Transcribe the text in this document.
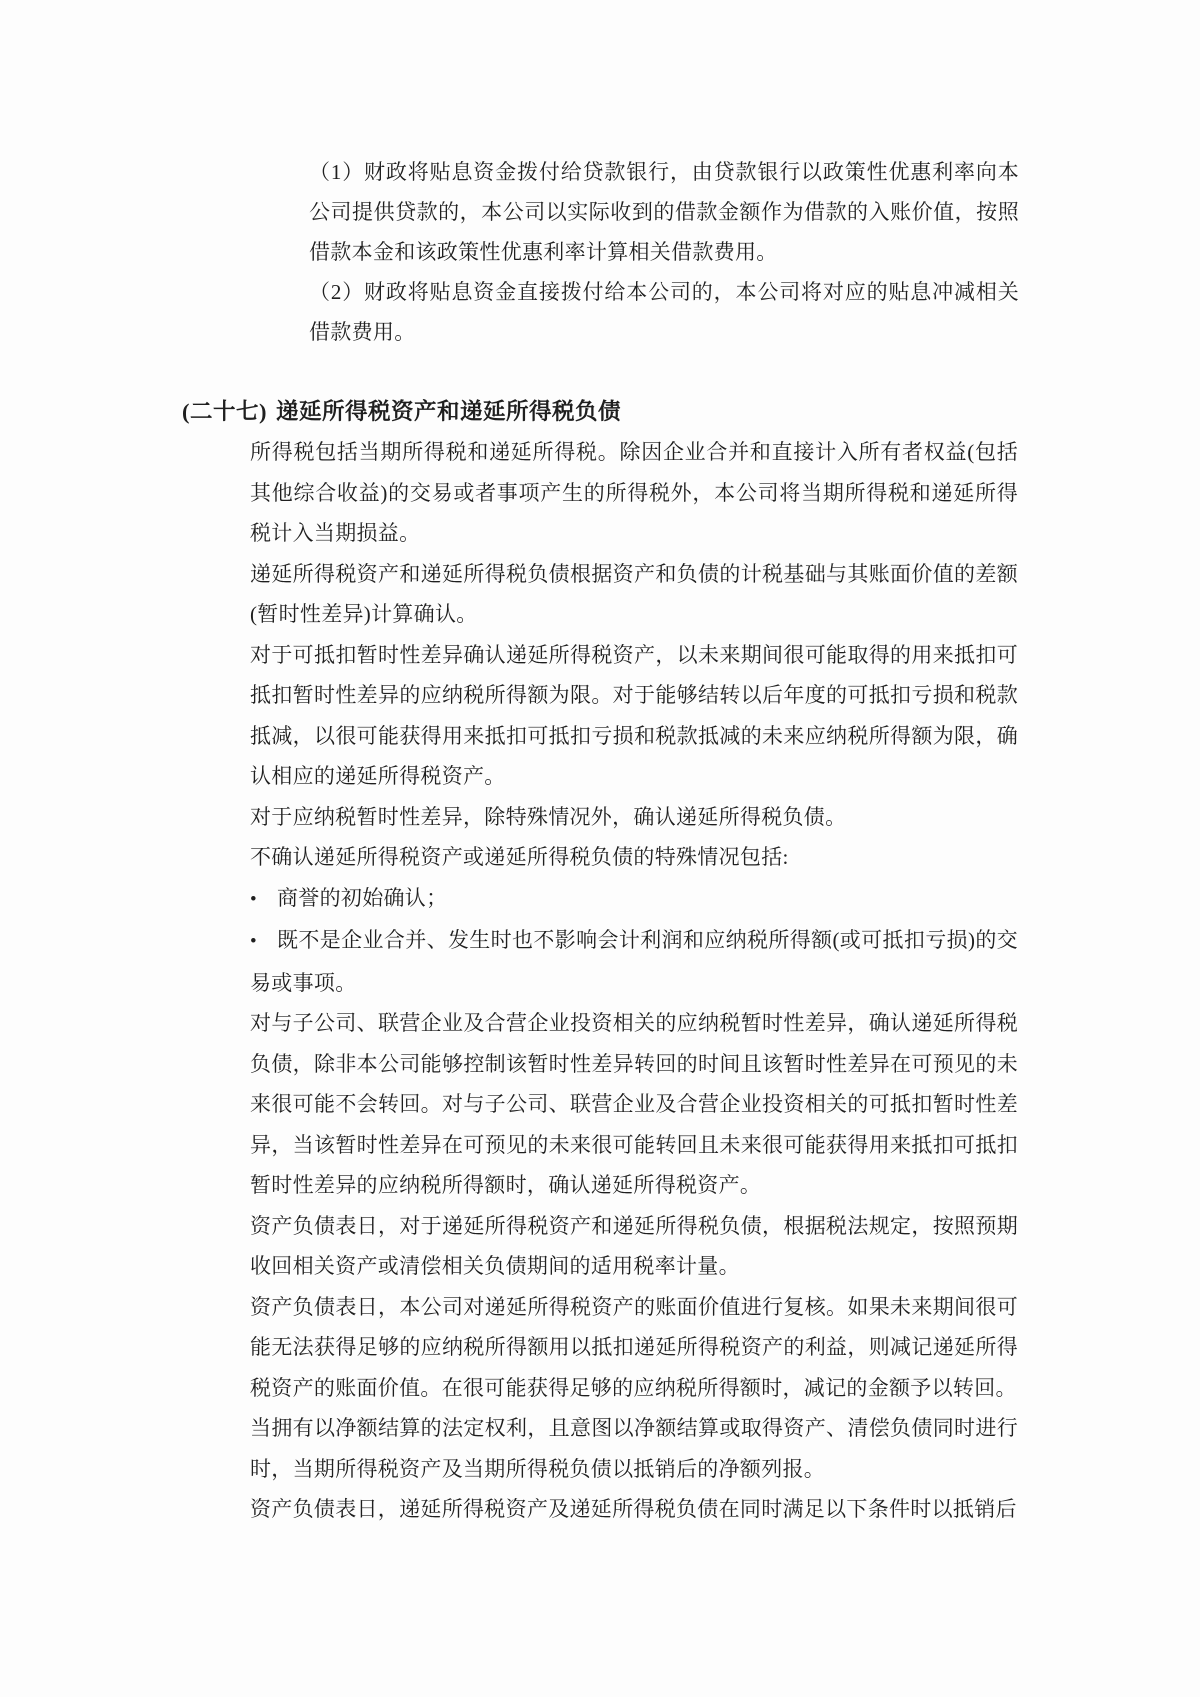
（1）财政将贴息资金拨付给贷款银行，由贷款银行以政策性优惠利率向本公司提供贷款的，本公司以实际收到的借款金额作为借款的入账价值，按照借款本金和该政策性优惠利率计算相关借款费用。

（2）财政将贴息资金直接拨付给本公司的，本公司将对应的贴息冲减相关借款费用。

(二十七) 递延所得税资产和递延所得税负债

所得税包括当期所得税和递延所得税。除因企业合并和直接计入所有者权益(包括其他综合收益)的交易或者事项产生的所得税外，本公司将当期所得税和递延所得税计入当期损益。

递延所得税资产和递延所得税负债根据资产和负债的计税基础与其账面价值的差额(暂时性差异)计算确认。

对于可抵扣暂时性差异确认递延所得税资产，以未来期间很可能取得的用来抵扣可抵扣暂时性差异的应纳税所得额为限。对于能够结转以后年度的可抵扣亏损和税款抵减，以很可能获得用来抵扣可抵扣亏损和税款抵减的未来应纳税所得额为限，确认相应的递延所得税资产。

对于应纳税暂时性差异，除特殊情况外，确认递延所得税负债。

不确认递延所得税资产或递延所得税负债的特殊情况包括:

• 商誉的初始确认；

• 既不是企业合并、发生时也不影响会计利润和应纳税所得额(或可抵扣亏损)的交易或事项。

对与子公司、联营企业及合营企业投资相关的应纳税暂时性差异，确认递延所得税负债，除非本公司能够控制该暂时性差异转回的时间且该暂时性差异在可预见的未来很可能不会转回。对与子公司、联营企业及合营企业投资相关的可抵扣暂时性差异，当该暂时性差异在可预见的未来很可能转回且未来很可能获得用来抵扣可抵扣暂时性差异的应纳税所得额时，确认递延所得税资产。

资产负债表日，对于递延所得税资产和递延所得税负债，根据税法规定，按照预期收回相关资产或清偿相关负债期间的适用税率计量。

资产负债表日，本公司对递延所得税资产的账面价值进行复核。如果未来期间很可能无法获得足够的应纳税所得额用以抵扣递延所得税资产的利益，则减记递延所得税资产的账面价值。在很可能获得足够的应纳税所得额时，减记的金额予以转回。

当拥有以净额结算的法定权利，且意图以净额结算或取得资产、清偿负债同时进行时，当期所得税资产及当期所得税负债以抵销后的净额列报。

资产负债表日，递延所得税资产及递延所得税负债在同时满足以下条件时以抵销后
